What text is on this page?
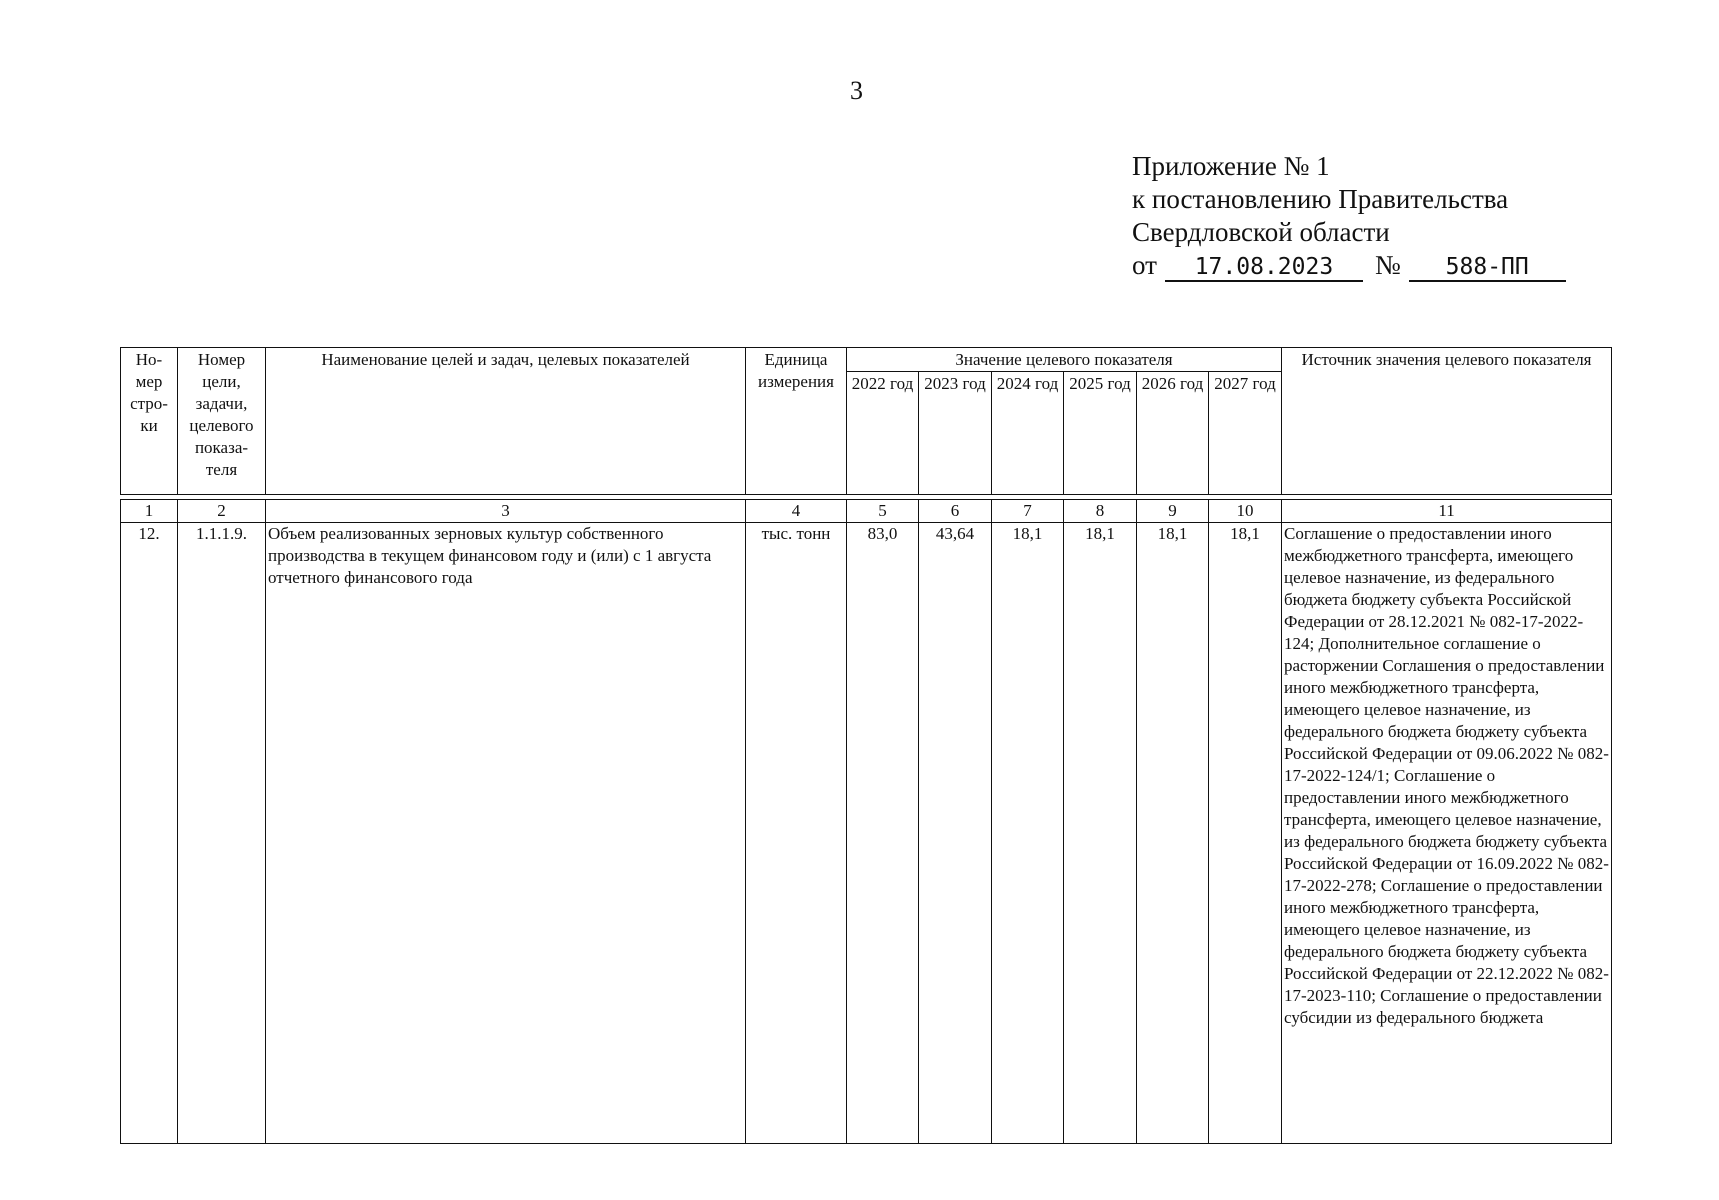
3
Приложение № 1
к постановлению Правительства
Свердловской области
от 17.08.2023 № 588-ПП
Но-мер стро-ки	Номер цели, задачи, целевого показа-теля	Наименование целей и задач, целевых показателей	Единица измерения	Значение целевого показателя						Источник значения целевого показателя
				2022 год	2023 год	2024 год	2025 год	2026 год	2027 год	

1	2	3	4	5	6	7	8	9	10	11
12.	1.1.1.9.	Объем реализованных зерновых культур собственного производства в текущем финансовом году и (или) с 1 августа отчетного финансового года	тыс. тонн	83,0	43,64	18,1	18,1	18,1	18,1	Соглашение о предоставлении иного межбюджетного трансферта, имеющего целевое назначение, из федерального бюджета бюджету субъекта Российской Федерации от 28.12.2021 № 082-17-2022-124; Дополнительное соглашение о расторжении Соглашения о предоставлении иного межбюджетного трансферта, имеющего целевое назначение, из федерального бюджета бюджету субъекта Российской Федерации от 09.06.2022 № 082-17-2022-124/1; Соглашение о предоставлении иного межбюджетного трансферта, имеющего целевое назначение, из федерального бюджета бюджету субъекта Российской Федерации от 16.09.2022 № 082-17-2022-278; Соглашение о предоставлении иного межбюджетного трансферта, имеющего целевое назначение, из федерального бюджета бюджету субъекта Российской Федерации от 22.12.2022 № 082-17-2023-110; Соглашение о предоставлении субсидии из федерального бюджета
